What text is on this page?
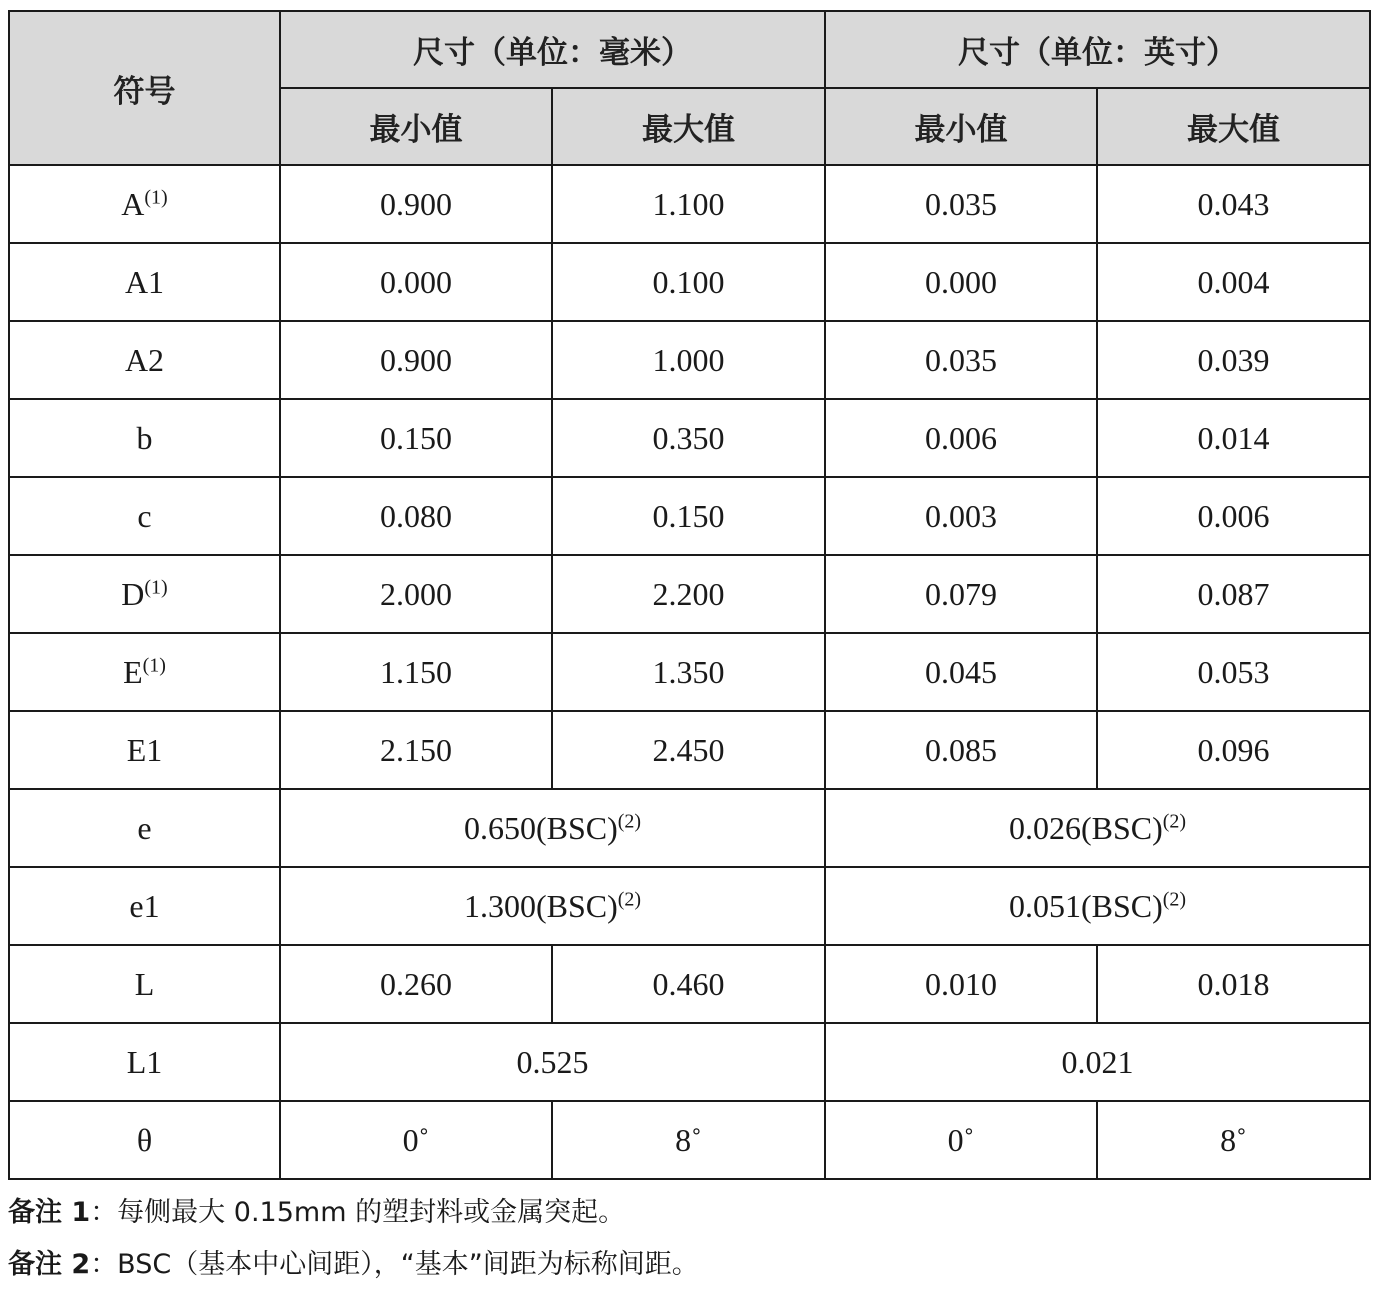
符号	尺寸（单位：毫米）		尺寸（单位：英寸）	
	最小值	最大值	最小值	最大值
$A^{(1)}$	0.900	1.100	0.035	0.043
A1	0.000	0.100	0.000	0.004
A2	0.900	1.000	0.035	0.039
b	0.150	0.350	0.006	0.014
c	0.080	0.150	0.003	0.006
$D^{(1)}$	2.000	2.200	0.079	0.087
$E^{(1)}$	1.150	1.350	0.045	0.053
E1	2.150	2.450	0.085	0.096
e	0.650(BSC)$^{(2)}$		0.026(BSC)$^{(2)}$
e1	1.300(BSC)$^{(2)}$		0.051(BSC)$^{(2)}$
L	0.260	0.460	0.010	0.018
L1	0.525		0.021	
θ	0˚	8˚	0˚	8˚
备注 1：每侧最大 0.15mm 的塑封料或金属突起。
备注 2：BSC（基本中心间距），“基本”间距为标称间距。
